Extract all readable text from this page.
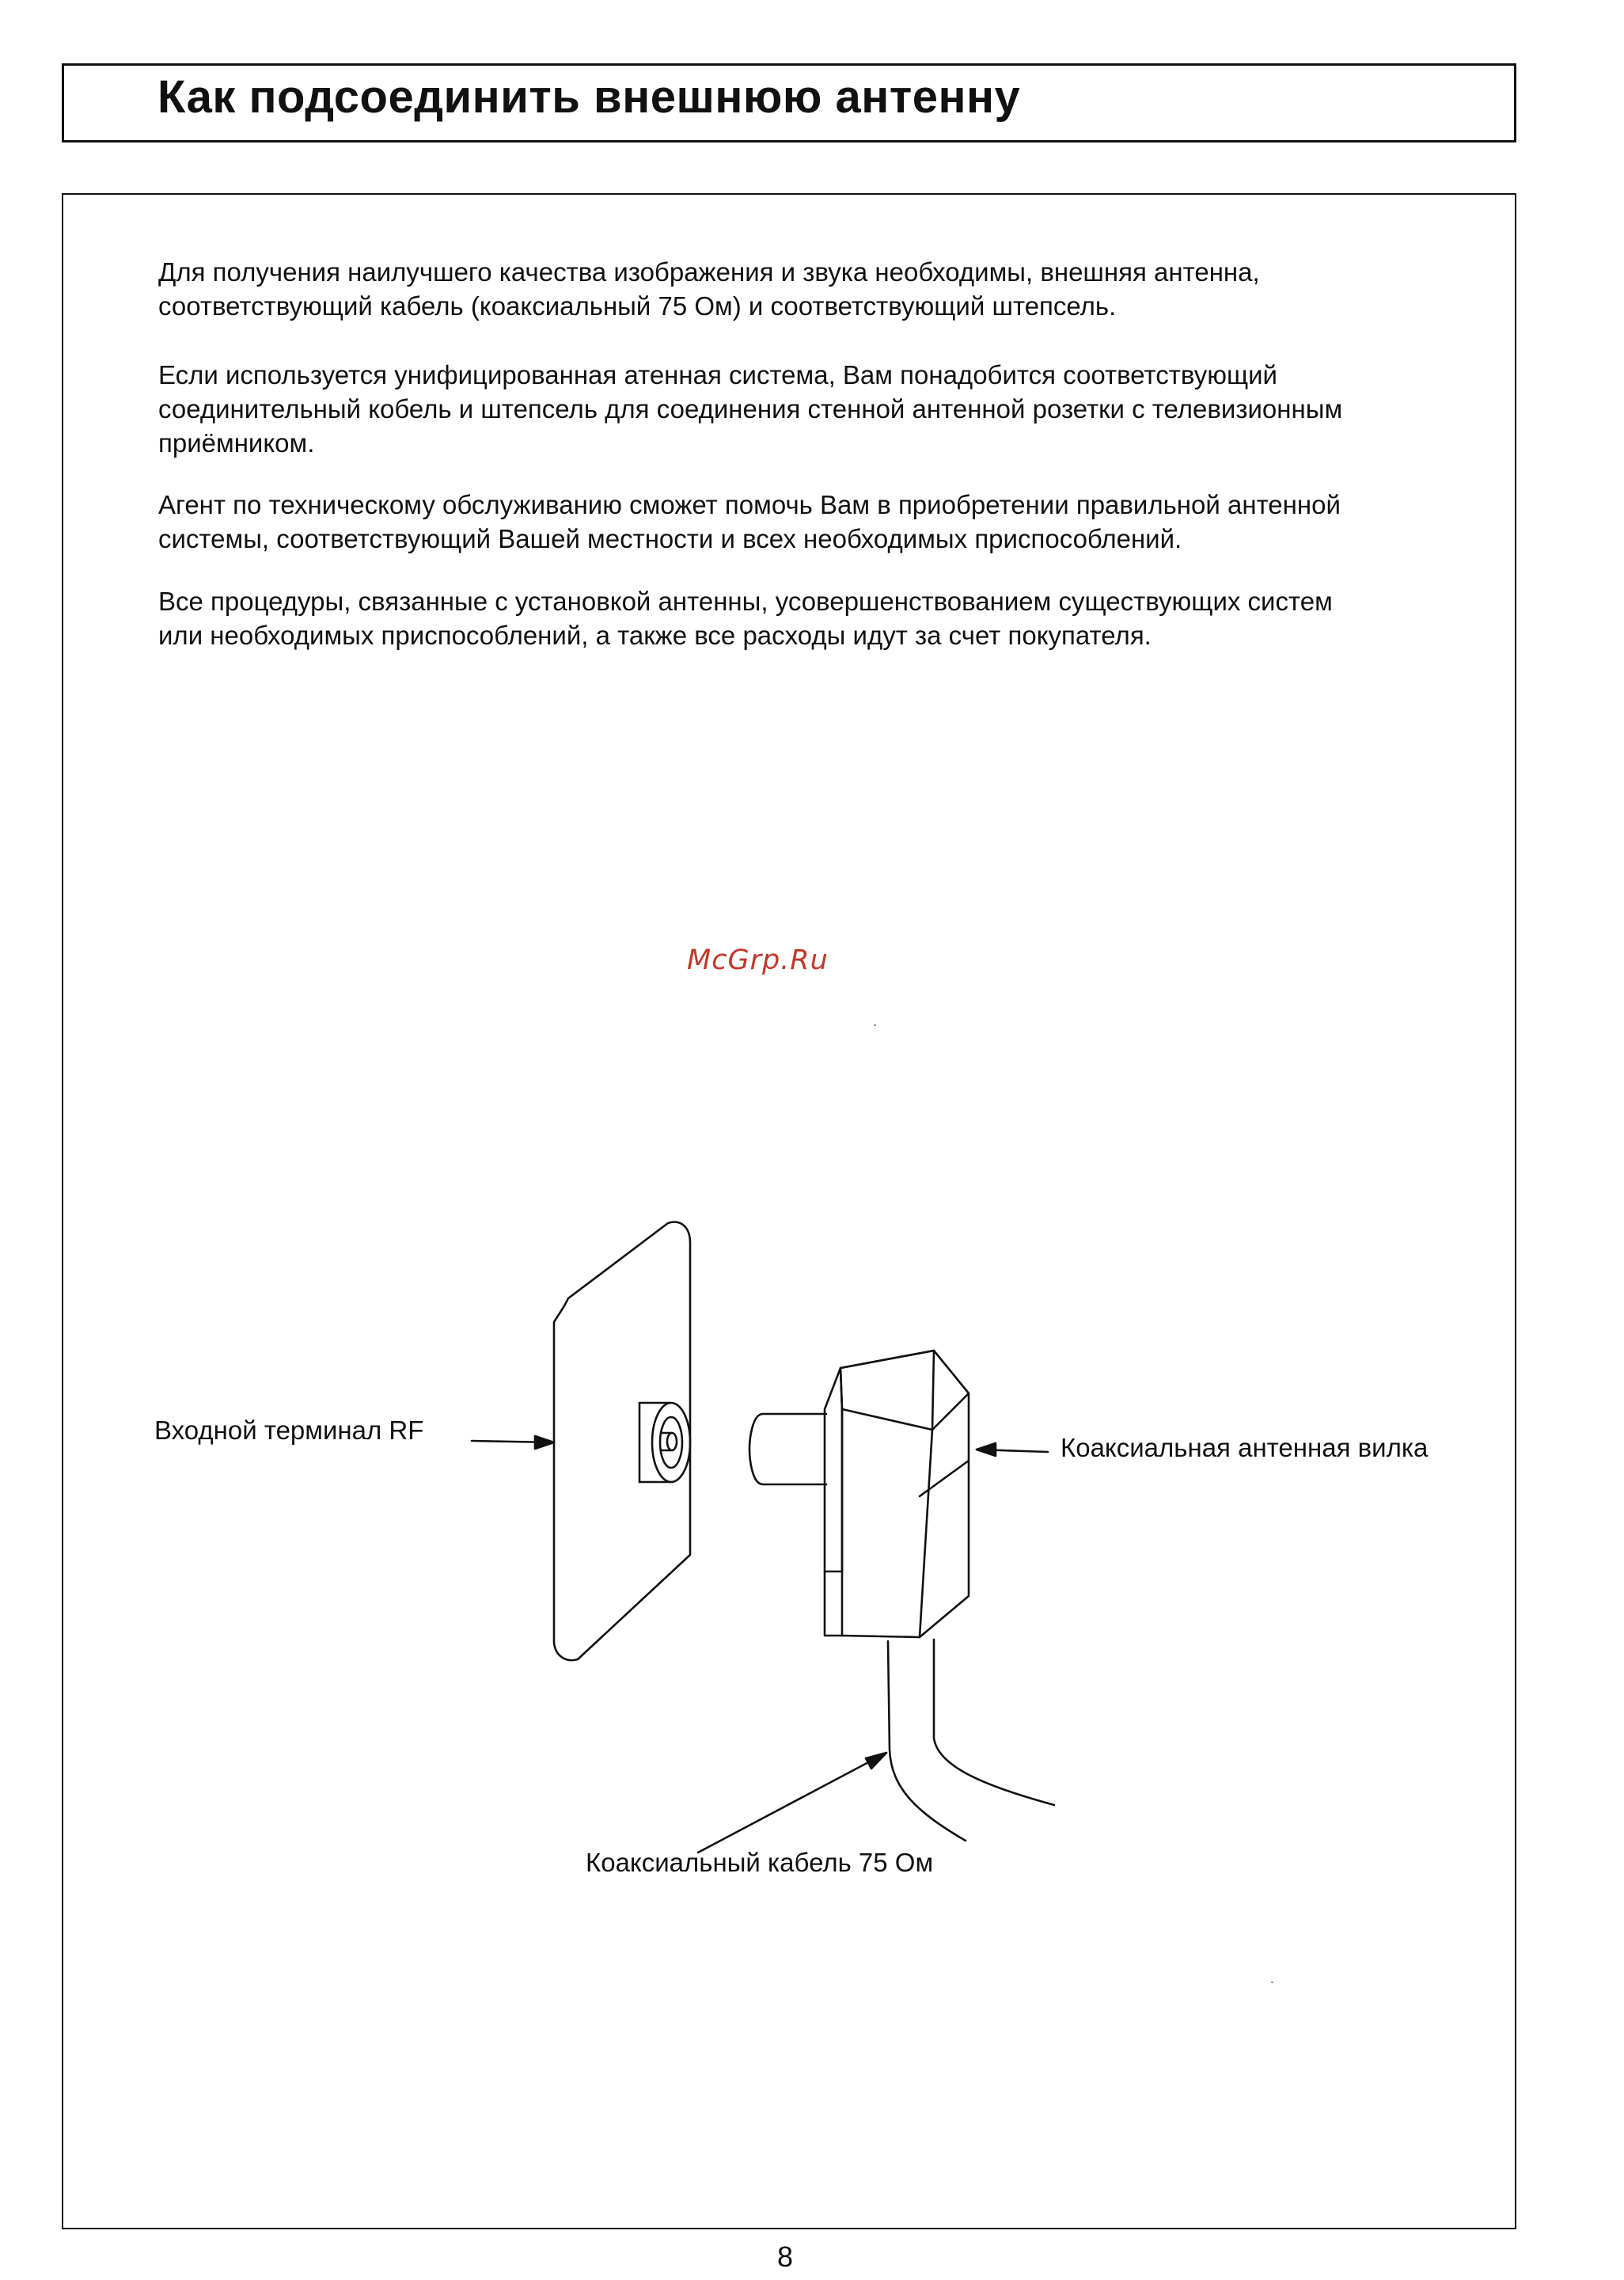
Как подсоединить внешнюю антенну

Для получения наилучшего качества изображения и звука необходимы, внешняя антенна,
соответствующий кабель (коаксиальный 75 Ом) и соответствующий штепсель.

Если используется унифицированная атенная система, Вам понадобится соответствующий
соединительный кобель и штепсель для соединения стенной антенной розетки с телевизионным
приёмником.

Агент по техническому обслуживанию сможет помочь Вам в приобретении правильной антенной
системы, соответствующий Вашей местности и всех необходимых приспособлений.

Все процедуры, связанные с установкой антенны, усовершенствованием существующих систем
или необходимых приспособлений, а также все расходы идут за счет покупателя.

McGrp.Ru
Входной терминал RF
Коаксиальная антенная вилка
Коаксиальный кабель 75 Ом
8
